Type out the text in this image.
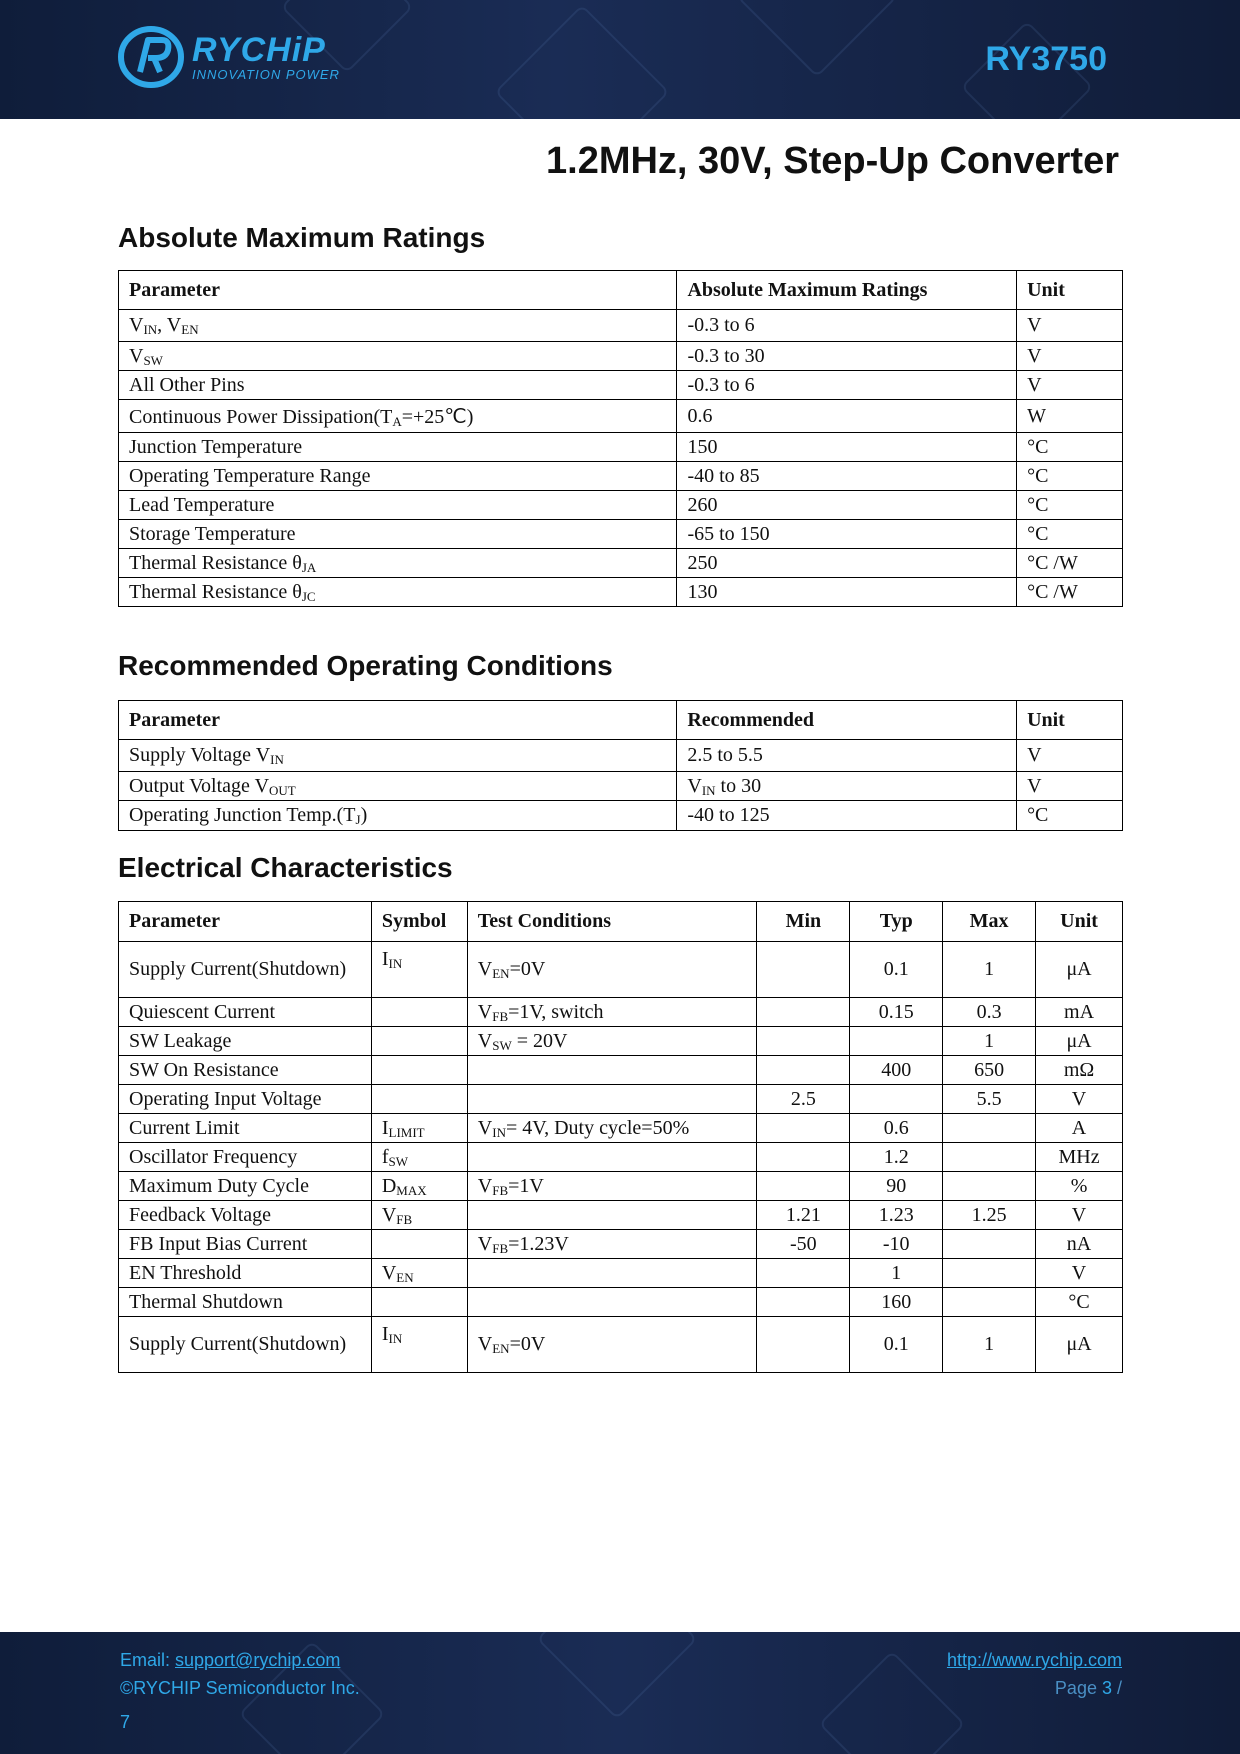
RYCHiP
INNOVATION POWER	RY3750
1.2MHz, 30V, Step-Up Converter
Absolute Maximum Ratings
Parameter	Absolute Maximum Ratings	Unit
$V_{IN}$, $V_{EN}$	-0.3 to 6	V
$V_{SW}$	-0.3 to 30	V
All Other Pins	-0.3 to 6	V
Continuous Power $Dissipation(T_A=+25℃)$	0.6	W
Junction Temperature	150	°C
Operating Temperature Range	-40 to 85	°C
Lead Temperature	260	°C
Storage Temperature	-65 to 150	°C
Thermal Resistance $\theta_{JA}$	250	°C /W
Thermal Resistance $\theta_{JC}$	130	°C /W
Recommended Operating Conditions
Parameter	Recommended	Unit
Supply Voltage $V_{IN}$	2.5 to 5.5	V
Output Voltage $V_{OUT}$	$V_{IN}$ to 30	V
Operating Junction $Temp.(T_J)$	-40 to 125	°C
Electrical Characteristics
Parameter	Symbol	Test Conditions	Min	Typ	Max	Unit
Supply Current(Shutdown)	$I_{IN}$	$V_{EN}=0V$		0.1	1	μA
Quiescent Current		$V_{FB}=1V$, switch		0.15	0.3	mA
SW Leakage		$V_{SW} = 20V$			1	μA
SW On Resistance				400	650	mΩ
Operating Input Voltage			2.5		5.5	V
Current Limit	$I_{LIMIT}$	$V_{IN}= 4V$, Duty cycle=50%		0.6		A
Oscillator Frequency	$f_{SW}$			1.2		MHz
Maximum Duty Cycle	$D_{MAX}$	$V_{FB}=1V$		90		%
Feedback Voltage	$V_{FB}$		1.21	1.23	1.25	V
FB Input Bias Current		$V_{FB}=1.23V$	-50	-10		nA
EN Threshold	$V_{EN}$			1		V
Thermal Shutdown				160		°C
Supply Current(Shutdown)	$I_{IN}$	$V_{EN}=0V$		0.1	1	μA
Email: support@rychip.com
©RYCHIP Semiconductor Inc.
7
http://www.rychip.com
Page 3 /
